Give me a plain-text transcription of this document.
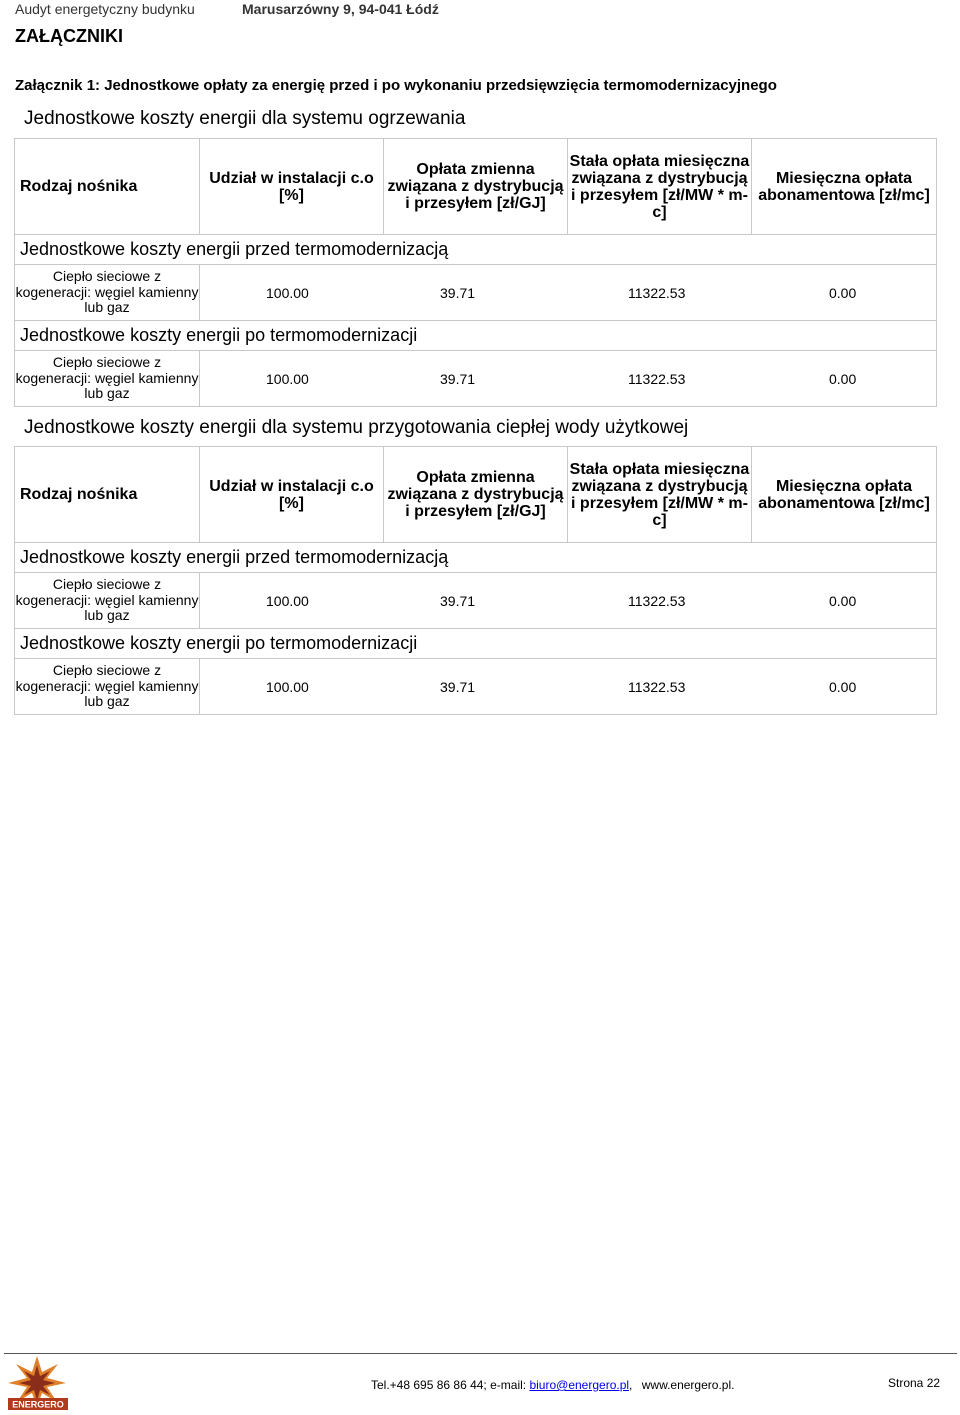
Audyt energetyczny budynku	Marusarzówny 9, 94-041 Łódź
ZAŁĄCZNIKI
Załącznik 1: Jednostkowe opłaty za energię przed i po wykonaniu przedsięwzięcia termomodernizacyjnego
Jednostkowe koszty energii dla systemu ogrzewania
Rodzaj nośnika	Udział w instalacji c.o [%]	Opłata zmienna związana z dystrybucją i przesyłem [zł/GJ]	Stała opłata miesięczna związana z dystrybucją i przesyłem [zł/MW * m-c]	Miesięczna opłata abonamentowa [zł/mc]
Jednostkowe koszty energii przed termomodernizacją				
Ciepło sieciowe z kogeneracji: węgiel kamienny lub gaz	100.00 39.71 11322.53 0.00			

Jednostkowe koszty energii po termomodernizacji				
Ciepło sieciowe z kogeneracji: węgiel kamienny lub gaz	100.00 39.71 11322.53 0.00			
Jednostkowe koszty energii dla systemu przygotowania ciepłej wody użytkowej
Rodzaj nośnika	Udział w instalacji c.o [%]	Opłata zmienna związana z dystrybucją i przesyłem [zł/GJ]	Stała opłata miesięczna związana z dystrybucją i przesyłem [zł/MW * m-c]	Miesięczna opłata abonamentowa [zł/mc]
Jednostkowe koszty energii przed termomodernizacją				
Ciepło sieciowe z kogeneracji: węgiel kamienny lub gaz	100.00 39.71 11322.53 0.00			

Jednostkowe koszty energii po termomodernizacji				
Ciepło sieciowe z kogeneracji: węgiel kamienny lub gaz	100.00 39.71 11322.53 0.00			
ENERGERO
Tel.+48 695 86 86 44; e-mail: biuro@energero.pl, www.energero.pl.	Strona 22
